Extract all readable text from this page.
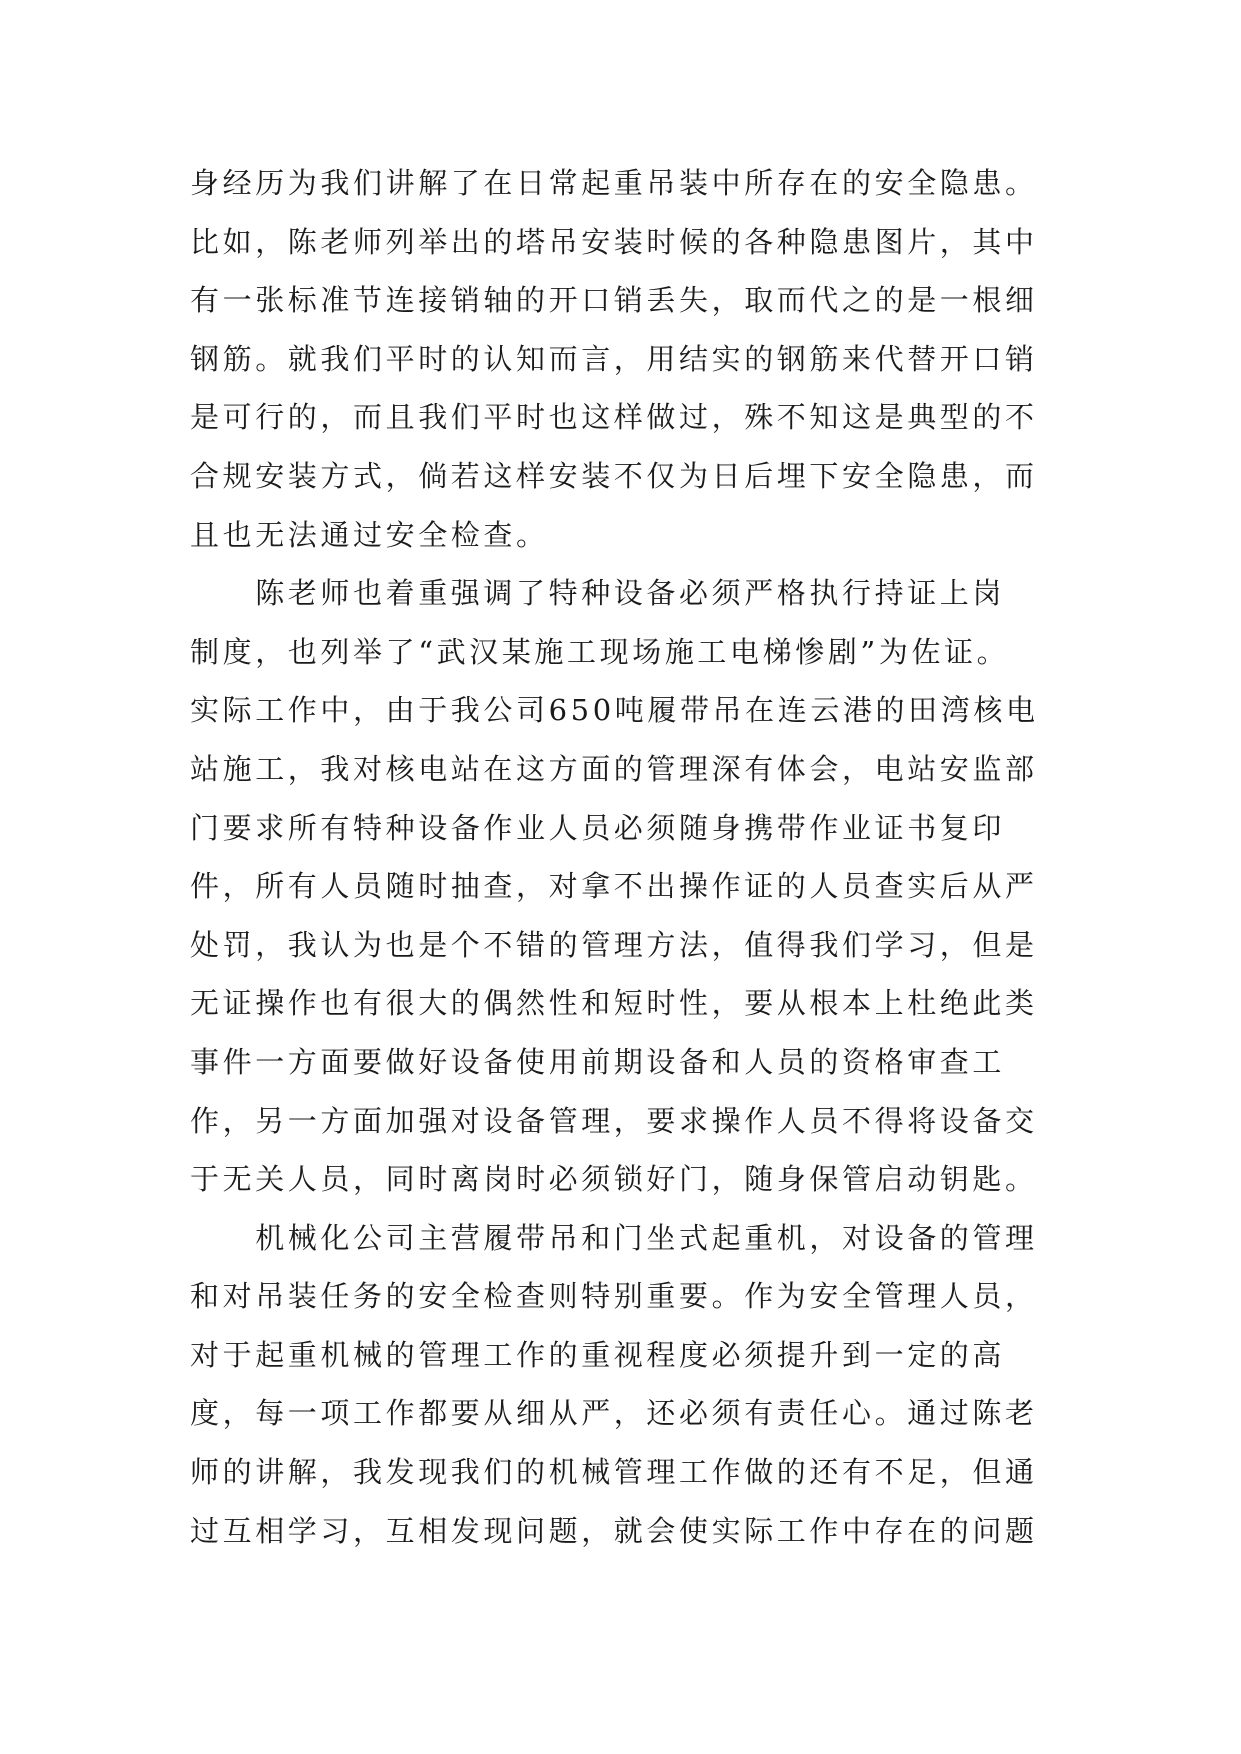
身经历为我们讲解了在日常起重吊装中所存在的安全隐患。
比如，陈老师列举出的塔吊安装时候的各种隐患图片，其中
有一张标准节连接销轴的开口销丢失，取而代之的是一根细
钢筋。就我们平时的认知而言，用结实的钢筋来代替开口销
是可行的，而且我们平时也这样做过，殊不知这是典型的不
合规安装方式，倘若这样安装不仅为日后埋下安全隐患，而
且也无法通过安全检查。
　　陈老师也着重强调了特种设备必须严格执行持证上岗
制度，也列举了“武汉某施工现场施工电梯惨剧”为佐证。
实际工作中，由于我公司650吨履带吊在连云港的田湾核电
站施工，我对核电站在这方面的管理深有体会，电站安监部
门要求所有特种设备作业人员必须随身携带作业证书复印
件，所有人员随时抽查，对拿不出操作证的人员查实后从严
处罚，我认为也是个不错的管理方法，值得我们学习，但是
无证操作也有很大的偶然性和短时性，要从根本上杜绝此类
事件一方面要做好设备使用前期设备和人员的资格审查工
作，另一方面加强对设备管理，要求操作人员不得将设备交
于无关人员，同时离岗时必须锁好门，随身保管启动钥匙。
　　机械化公司主营履带吊和门坐式起重机，对设备的管理
和对吊装任务的安全检查则特别重要。作为安全管理人员，
对于起重机械的管理工作的重视程度必须提升到一定的高
度，每一项工作都要从细从严，还必须有责任心。通过陈老
师的讲解，我发现我们的机械管理工作做的还有不足，但通
过互相学习，互相发现问题，就会使实际工作中存在的问题
